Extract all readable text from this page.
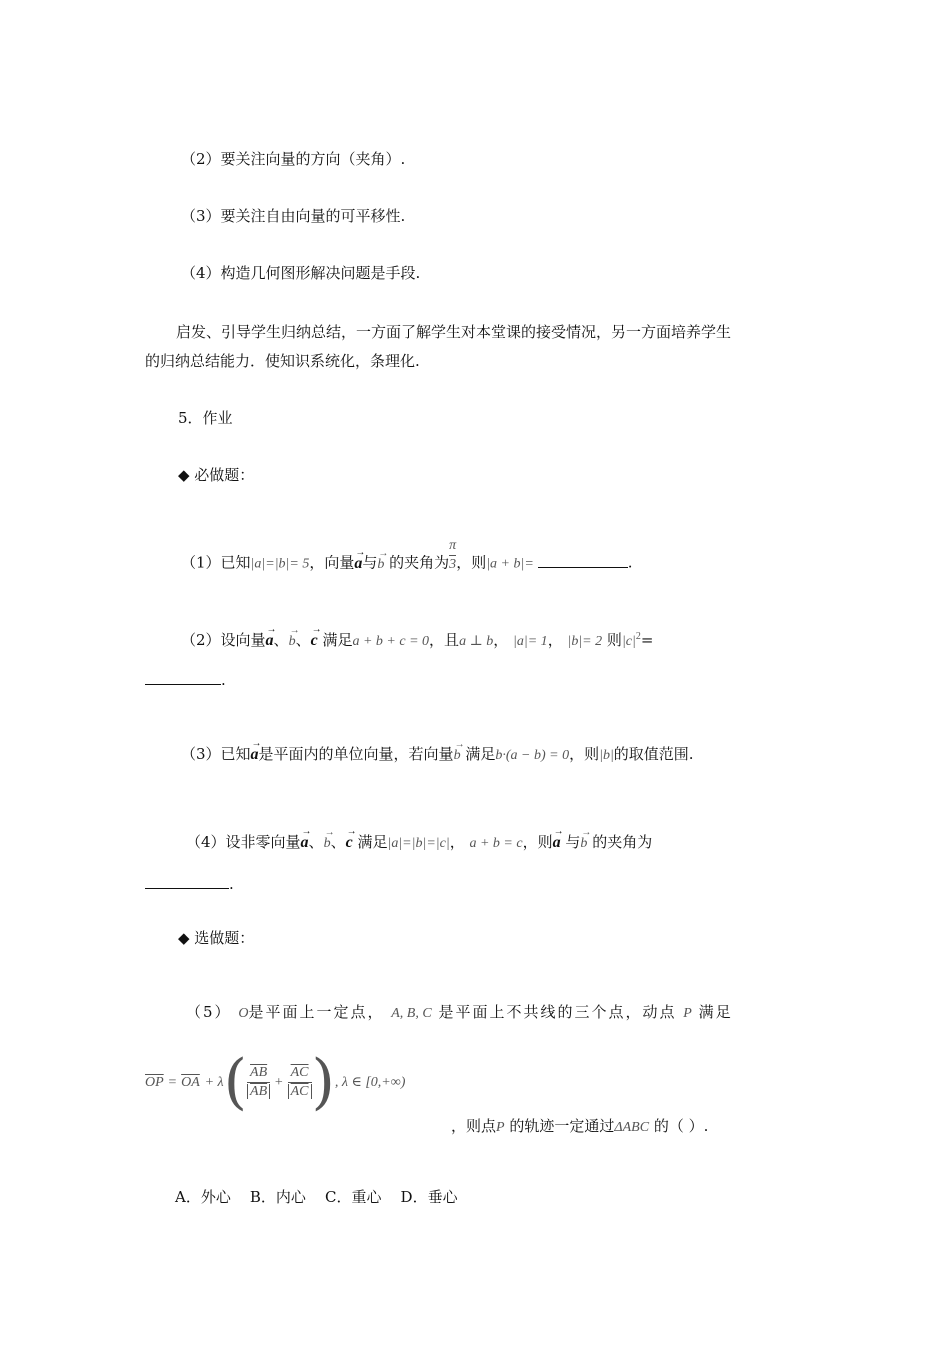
（2）要关注向量的方向（夹角）.
（3）要关注自由向量的可平移性.
（4）构造几何图形解决问题是手段.
启发、引导学生归纳总结，一方面了解学生对本堂课的接受情况，另一方面培养学生
的归纳总结能力．使知识系统化，条理化.
5．作业
◆ 必做题：
（1）已知|a|=|b|= 5，向量→ a与→ b 的夹角为 $\frac{\pi}{3}$ ，则|a + b|=	.
（2）设向量→ a、→ b、→ c 满足a + b + c = 0，且a ⊥ b， |a|= 1， |b|= 2 则$|c|^2=$
.
（3）已知→ a是平面内的单位向量，若向量→ b 满足b·(a − b) = 0，则|b|的取值范围.
（4）设非零向量→ a、→ b、→ c 满足|a|=|b|=|c|， a + b = c，则→ a 与→ b 的夹角为
.
◆ 选做题：
（5） O是平面上一定点， A, B, C 是平面上不共线的三个点，动点 P 满足
$\overline{OP} = \overline{OA} + \lambda( \frac{\overline{AB}}{AB} + \frac{\overline{AC}}{AC}$ ), λ ∈ [0,+∞)
，则点P 的轨迹一定通过ΔABC 的（ ）.
A．外心    B．内心    C．重心    D．垂心
